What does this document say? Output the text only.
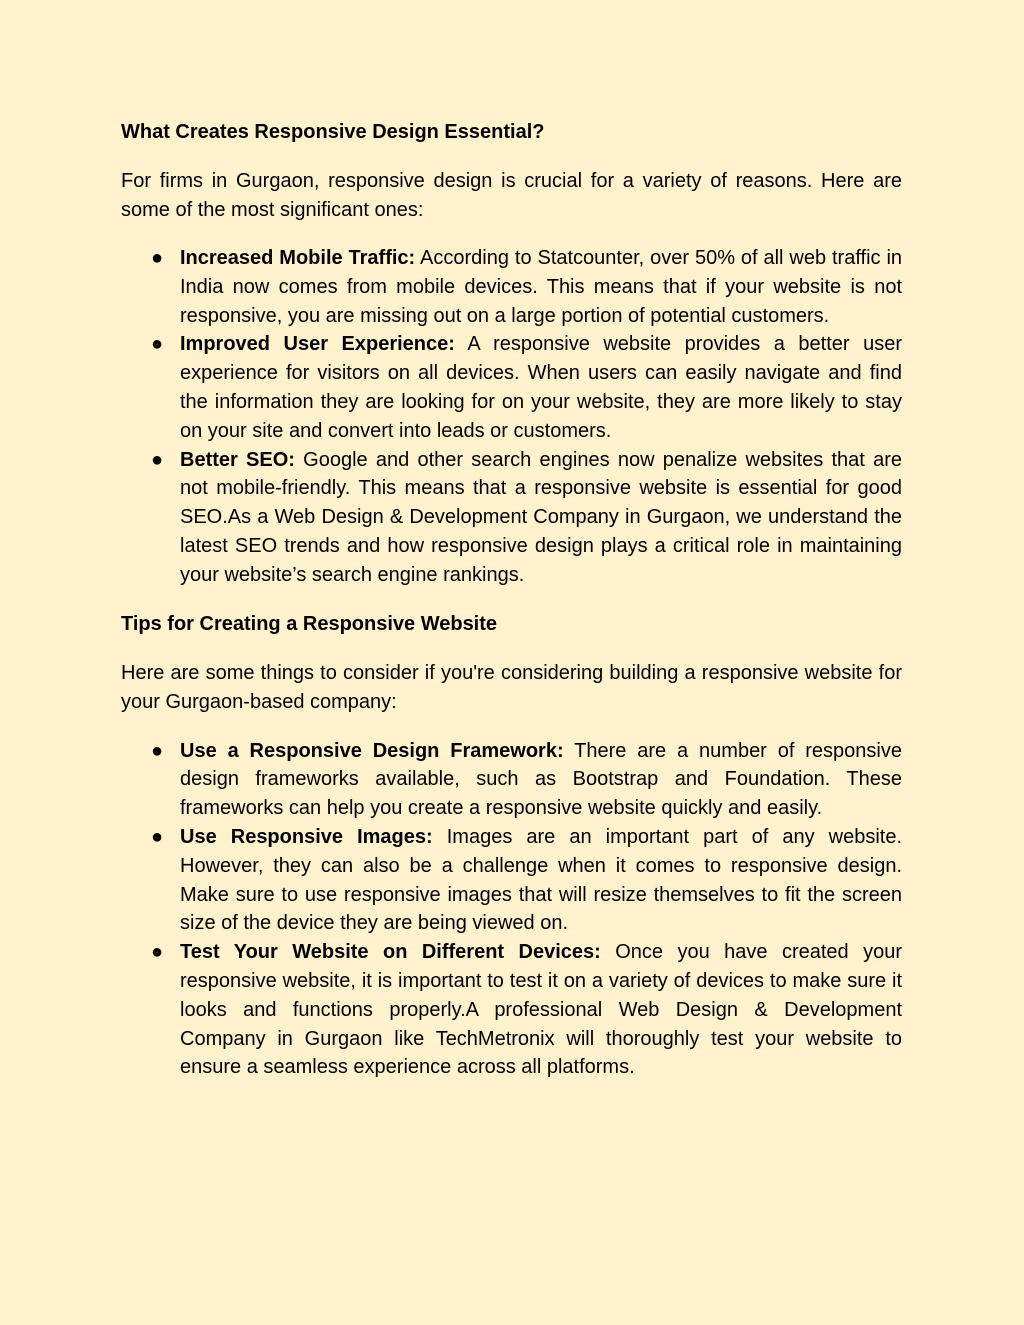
What Creates Responsive Design Essential?

For firms in Gurgaon, responsive design is crucial for a variety of reasons. Here are some of the most significant ones:

● Increased Mobile Traffic: According to Statcounter, over 50% of all web traffic in India now comes from mobile devices. This means that if your website is not responsive, you are missing out on a large portion of potential customers.
● Improved User Experience: A responsive website provides a better user experience for visitors on all devices. When users can easily navigate and find the information they are looking for on your website, they are more likely to stay on your site and convert into leads or customers.
● Better SEO: Google and other search engines now penalize websites that are not mobile-friendly. This means that a responsive website is essential for good SEO.As a Web Design & Development Company in Gurgaon, we understand the latest SEO trends and how responsive design plays a critical role in maintaining your website’s search engine rankings.
Tips for Creating a Responsive Website

Here are some things to consider if you're considering building a responsive website for your Gurgaon-based company:

● Use a Responsive Design Framework: There are a number of responsive design frameworks available, such as Bootstrap and Foundation. These frameworks can help you create a responsive website quickly and easily.
● Use Responsive Images: Images are an important part of any website. However, they can also be a challenge when it comes to responsive design. Make sure to use responsive images that will resize themselves to fit the screen size of the device they are being viewed on.
● Test Your Website on Different Devices: Once you have created your responsive website, it is important to test it on a variety of devices to make sure it looks and functions properly.A professional Web Design & Development Company in Gurgaon like TechMetronix will thoroughly test your website to ensure a seamless experience across all platforms.
